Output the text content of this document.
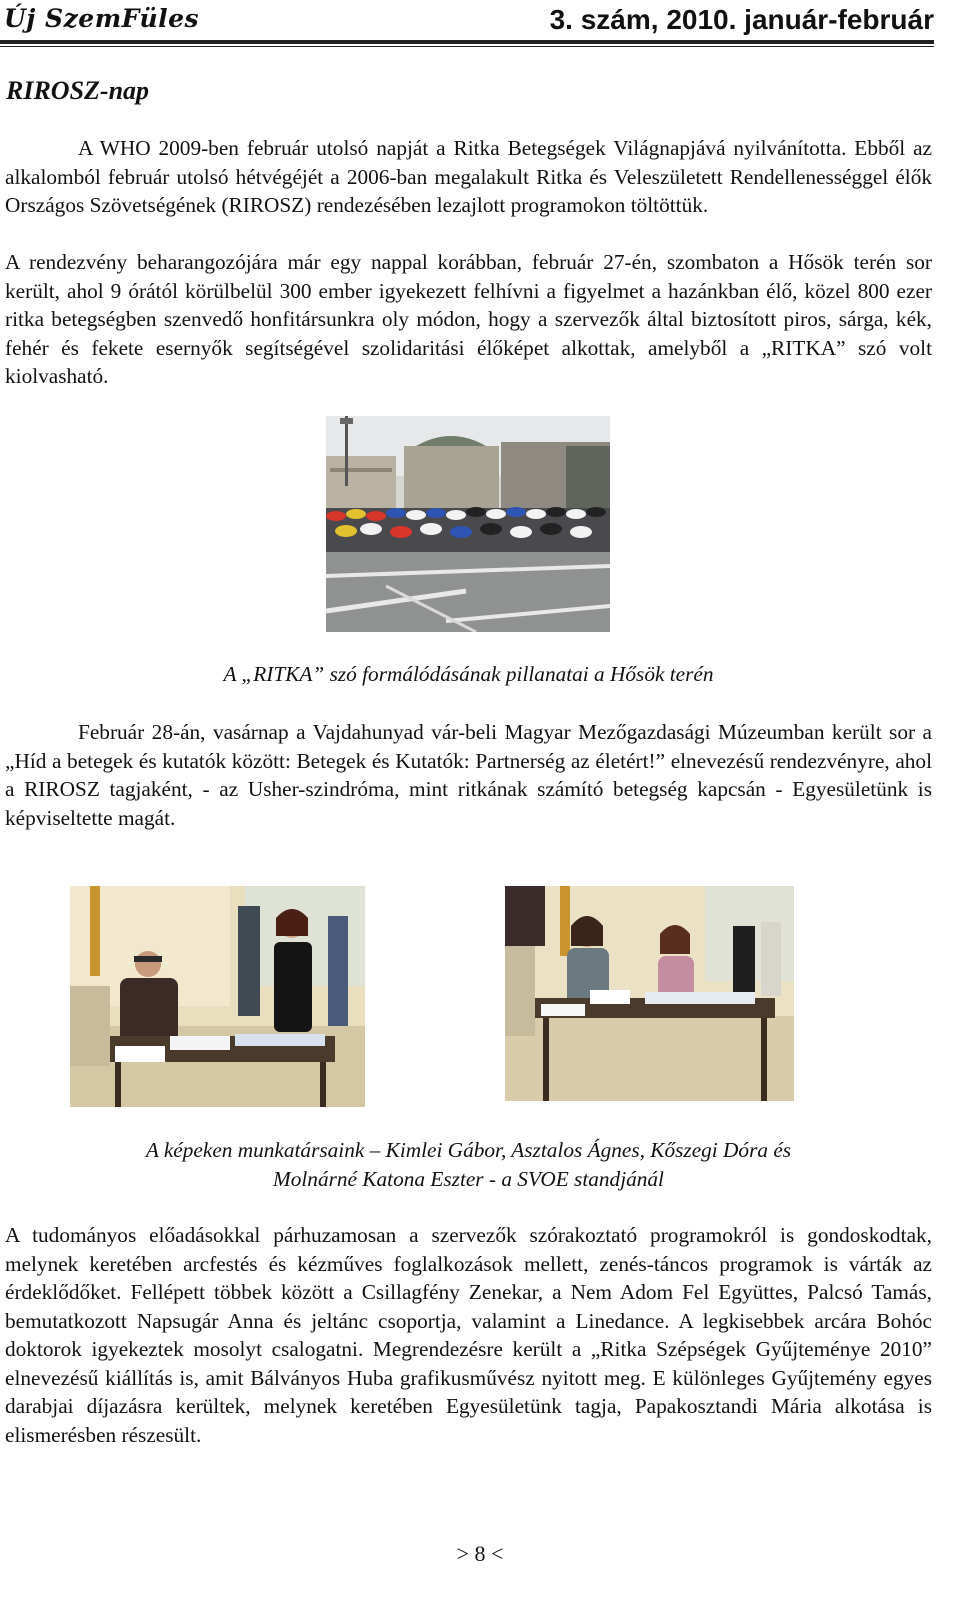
Új SzemFüles	3. szám, 2010. január-február
RIROSZ-nap

A WHO 2009-ben február utolsó napját a Ritka Betegségek Világnapjává nyilvánította. Ebből az alkalomból február utolsó hétvégéjét a 2006-ban megalakult Ritka és Veleszületett Rendellenességgel élők Országos Szövetségének (RIROSZ) rendezésében lezajlott programokon töltöttük.

A rendezvény beharangozójára már egy nappal korábban, február 27-én, szombaton a Hősök terén sor került, ahol 9 órától körülbelül 300 ember igyekezett felhívni a figyelmet a hazánkban élő, közel 800 ezer ritka betegségben szenvedő honfitársunkra oly módon, hogy a szervezők által biztosított piros, sárga, kék, fehér és fekete esernyők segítségével szolidaritási élőképet alkottak, amelyből a „RITKA” szó volt kiolvasható.

A „RITKA” szó formálódásának pillanatai a Hősök terén

Február 28-án, vasárnap a Vajdahunyad vár-beli Magyar Mezőgazdasági Múzeumban került sor a „Híd a betegek és kutatók között: Betegek és Kutatók: Partnerség az életért!” elnevezésű rendezvényre, ahol a RIROSZ tagjaként, - az Usher-szindróma, mint ritkának számító betegség kapcsán - Egyesületünk is képviseltette magát.

A képeken munkatársaink – Kimlei Gábor, Asztalos Ágnes, Kőszegi Dóra és
Molnárné Katona Eszter - a SVOE standjánál

A tudományos előadásokkal párhuzamosan a szervezők szórakoztató programokról is gondoskodtak, melynek keretében arcfestés és kézműves foglalkozások mellett, zenés-táncos programok is várták az érdeklődőket. Fellépett többek között a Csillagfény Zenekar, a Nem Adom Fel Együttes, Palcsó Tamás, bemutatkozott Napsugár Anna és jeltánc csoportja, valamint a Linedance. A legkisebbek arcára Bohóc doktorok igyekeztek mosolyt csalogatni. Megrendezésre került a „Ritka Szépségek Gyűjteménye 2010” elnevezésű kiállítás is, amit Bálványos Huba grafikusművész nyitott meg. E különleges Gyűjtemény egyes darabjai díjazásra kerültek, melynek keretében Egyesületünk tagja, Papakosztandi Mária alkotása is elismerésben részesült.

> 8 <
